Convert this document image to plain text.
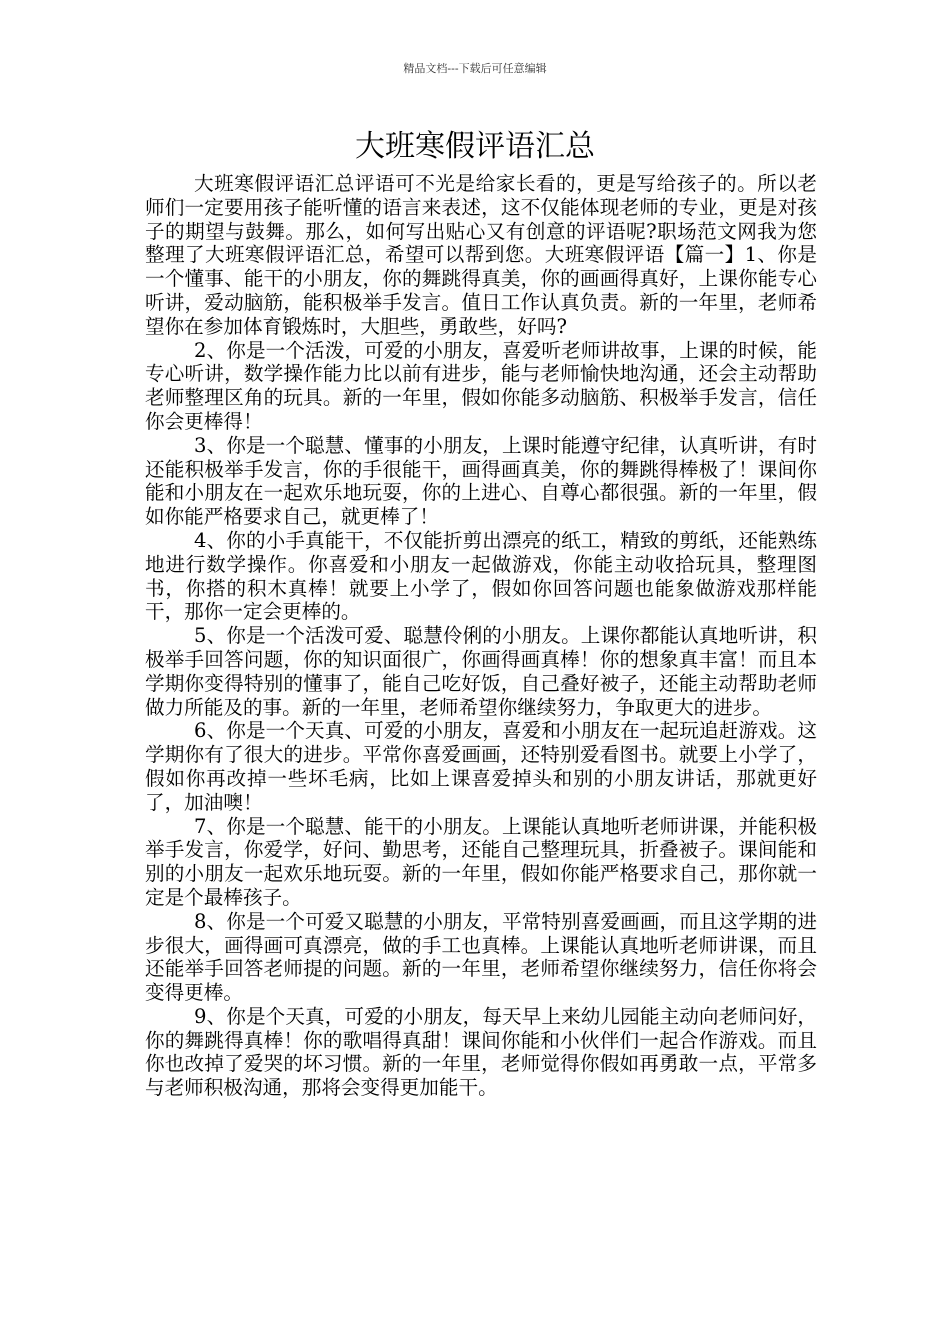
精品文档---下载后可任意编辑
大班寒假评语汇总

大班寒假评语汇总评语可不光是给家长看的，更是写给孩子的。所以老师们一定要用孩子能听懂的语言来表述，这不仅能体现老师的专业，更是对孩子的期望与鼓舞。那么，如何写出贴心又有创意的评语呢?职场范文网我为您整理了大班寒假评语汇总，希望可以帮到您。大班寒假评语【篇一】1、你是一个懂事、能干的小朋友，你的舞跳得真美，你的画画得真好，上课你能专心听讲，爱动脑筋，能积极举手发言。值日工作认真负责。新的一年里，老师希望你在参加体育锻炼时，大胆些，勇敢些，好吗?

2、你是一个活泼，可爱的小朋友，喜爱听老师讲故事，上课的时候，能专心听讲，数学操作能力比以前有进步，能与老师愉快地沟通，还会主动帮助老师整理区角的玩具。新的一年里，假如你能多动脑筋、积极举手发言，信任你会更棒得！

3、你是一个聪慧、懂事的小朋友，上课时能遵守纪律，认真听讲，有时还能积极举手发言，你的手很能干，画得画真美，你的舞跳得棒极了！课间你能和小朋友在一起欢乐地玩耍，你的上进心、自尊心都很强。新的一年里，假如你能严格要求自己，就更棒了！

4、你的小手真能干，不仅能折剪出漂亮的纸工，精致的剪纸，还能熟练地进行数学操作。你喜爱和小朋友一起做游戏，你能主动收拾玩具，整理图书，你搭的积木真棒！就要上小学了，假如你回答问题也能象做游戏那样能干，那你一定会更棒的。

5、你是一个活泼可爱、聪慧伶俐的小朋友。上课你都能认真地听讲，积极举手回答问题，你的知识面很广，你画得画真棒！你的想象真丰富！而且本学期你变得特别的懂事了，能自己吃好饭，自己叠好被子，还能主动帮助老师做力所能及的事。新的一年里，老师希望你继续努力，争取更大的进步。

6、你是一个天真、可爱的小朋友，喜爱和小朋友在一起玩追赶游戏。这学期你有了很大的进步。平常你喜爱画画，还特别爱看图书。就要上小学了，假如你再改掉一些坏毛病，比如上课喜爱掉头和别的小朋友讲话，那就更好了，加油噢！

7、你是一个聪慧、能干的小朋友。上课能认真地听老师讲课，并能积极举手发言，你爱学，好问、勤思考，还能自己整理玩具，折叠被子。课间能和别的小朋友一起欢乐地玩耍。新的一年里，假如你能严格要求自己，那你就一定是个最棒孩子。

8、你是一个可爱又聪慧的小朋友，平常特别喜爱画画，而且这学期的进步很大，画得画可真漂亮，做的手工也真棒。上课能认真地听老师讲课，而且还能举手回答老师提的问题。新的一年里，老师希望你继续努力，信任你将会变得更棒。

9、你是个天真，可爱的小朋友，每天早上来幼儿园能主动向老师问好，你的舞跳得真棒！你的歌唱得真甜！课间你能和小伙伴们一起合作游戏。而且你也改掉了爱哭的坏习惯。新的一年里，老师觉得你假如再勇敢一点，平常多与老师积极沟通，那将会变得更加能干。
